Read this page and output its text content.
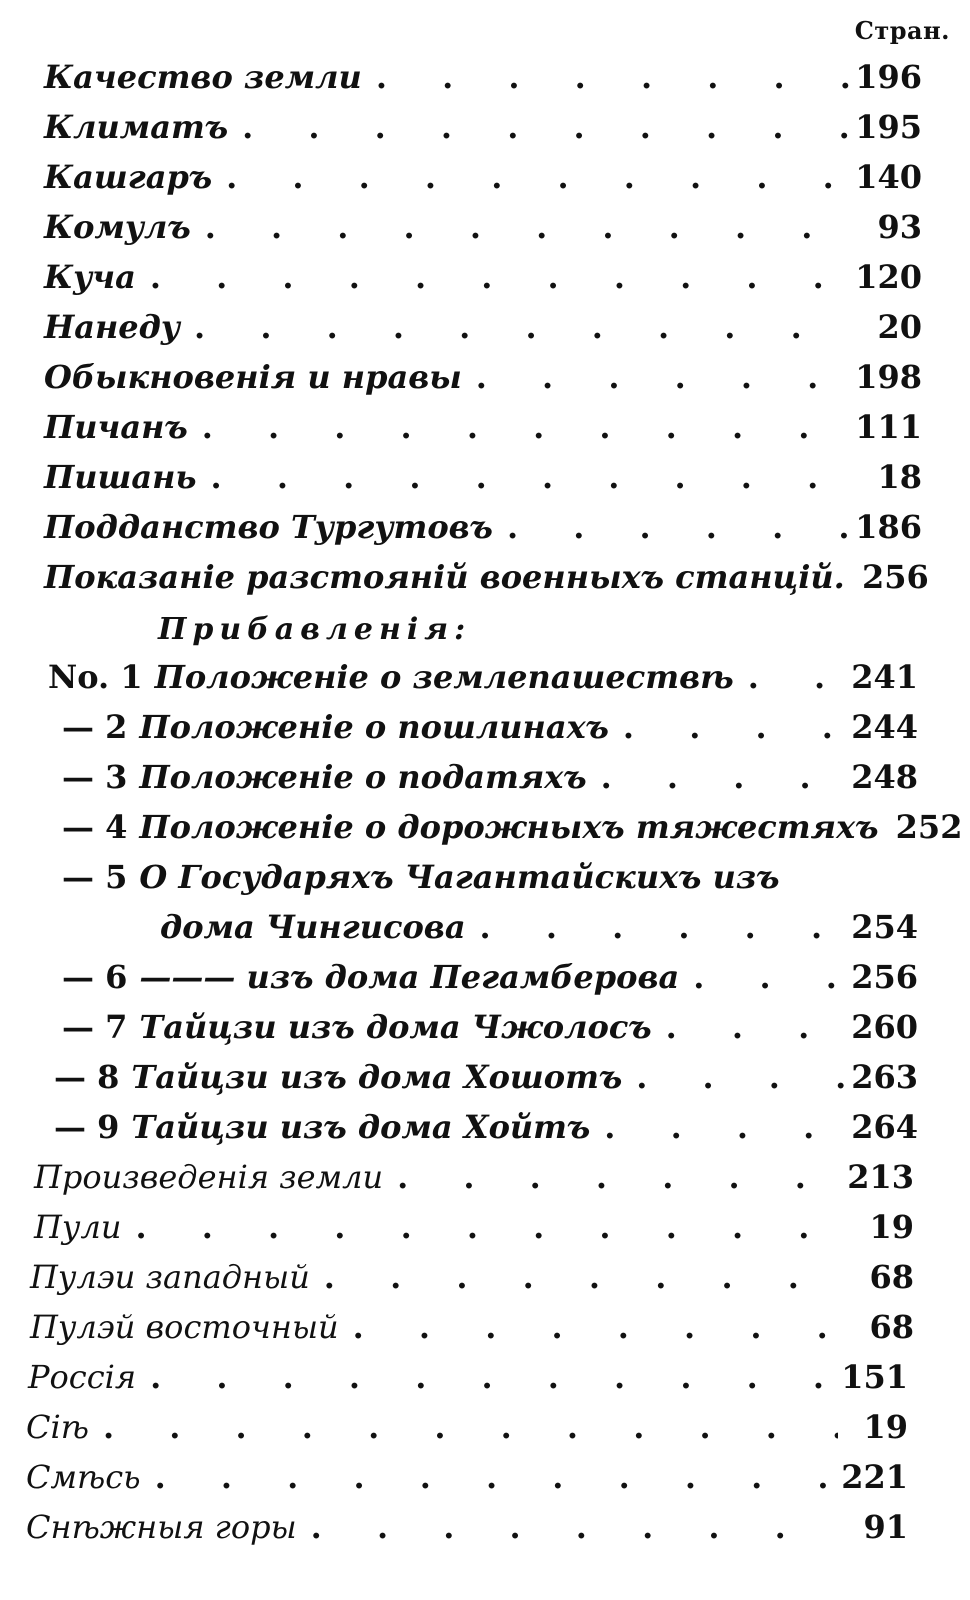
Стран.
Качество земли . . .	196
Климатъ . . .	195
Кашгаръ . . .	140
Комулъ . . .	93
Куча . . .	120
Нанеду . . .	20
Обыкновенія и нравы . . .	198
Пичанъ . . .	111
Пишань . . .	18
Подданство Тургутовъ . . .	186
Показаніе разстояній военныхъ станцій. 256
Прибавленія:
No. 1 Положеніе о землепашествѣ . . .	241
— 2 Положеніе о пошлинахъ . . .	244
— 3 Положеніе о податяхъ . . .	248
— 4 Положеніе о дорожныхъ тяжестяхъ 252
— 5 О Государяхъ Чагантайскихъ изъ
дома Чингисова . . .	254
— 6 ——— изъ дома Пегамберова . . .	256
— 7 Тайцзи изъ дома Чжолосъ . . .	260
— 8 Тайцзи изъ дома Хошотъ . . .	263
— 9 Тайцзи изъ дома Хойтъ . . .	264
Произведенія земли . . .	213
Пули . . .	19
Пулэи западный . . .	68
Пулэй восточный . . .	68
Россія . . .	151
Сіѣ . . .	19
Смѣсь . . .	221
Снѣжныя горы . . .	91
